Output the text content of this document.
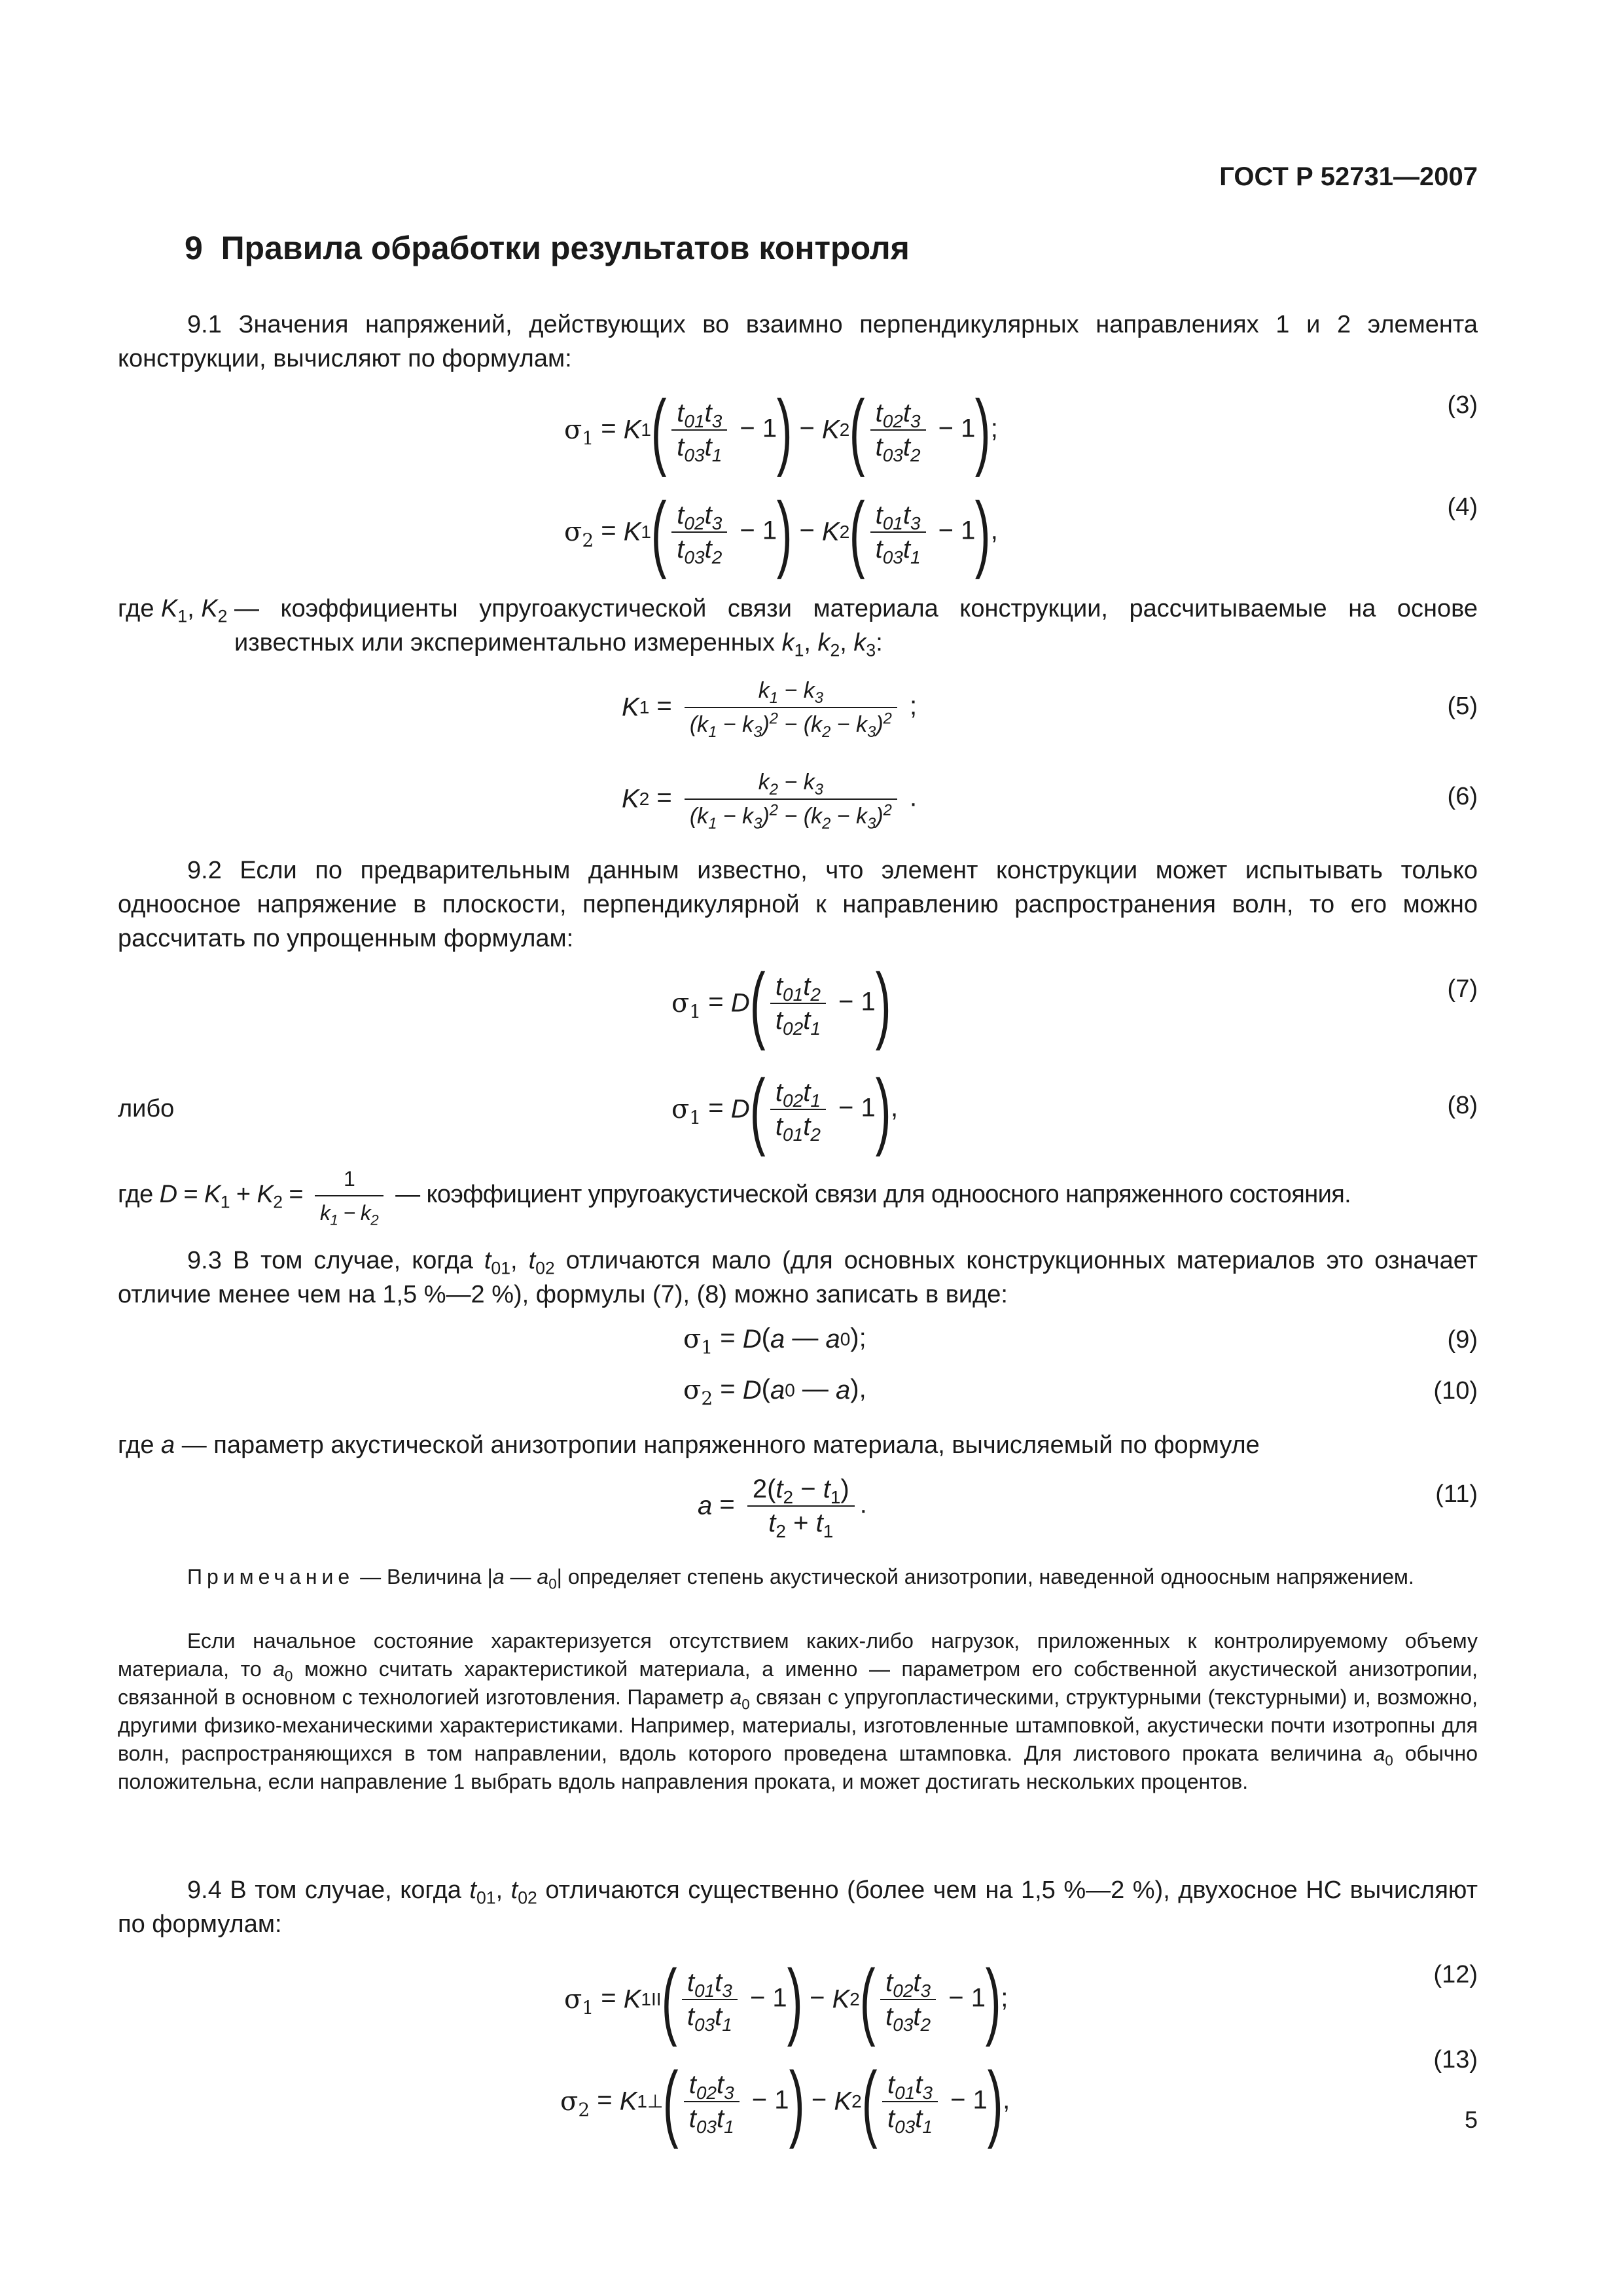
ГОСТ Р 52731—2007
9 Правила обработки результатов контроля
9.1 Значения напряжений, действующих во взаимно перпендикулярных направлениях 1 и 2 элемента конструкции, вычисляют по формулам:
$\sigma_1 = K1( \frac{t_{01}t_3}{t_{03}t_1} - 1) - K2( \frac{t_{02}t_3}{t_{03}t_2} - 1)$;
(3)
$\sigma_2 = K1( \frac{t_{02}t_3}{t_{03}t_2} - 1) - K2( \frac{t_{01}t_3}{t_{03}t_1} - 1)$,
(4)
где $K_1$, $K_2$ — коэффициенты упругоакустической связи материала конструкции, рассчитываемые на основе известных или экспериментально измеренных $k_1$, $k_2$, $k_3$:
$K1 = \frac{k_1 - k_3}{(k_1 - k_3)^2 - (k_2 - k_3)^2}$ ;	(5)
$K2 = \frac{k_2 - k_3}{(k_1 - k_3)^2 - (k_2 - k_3)^2}$ .	(6)
9.2 Если по предварительным данным известно, что элемент конструкции может испытывать только одноосное напряжение в плоскости, перпендикулярной к направлению распространения волн, то его можно рассчитать по упрощенным формулам:
$\sigma_1 = D( \frac{t_{01}t_2}{t_{02}t_1} - 1)$	(7)
либо	$\sigma_1 = D( \frac{t_{02}t_1}{t_{01}t_2} - 1)$,	(8)
где $D = K_1 + K_2 = \frac{1}{k_1 - k_2}$ — коэффициент упругоакустической связи для одноосного напряженного состояния.
9.3 В том случае, когда $t_{01}$, $t_{02}$ отличаются мало (для основных конструкционных материалов это означает отличие менее чем на 1,5 %—2 %), формулы (7), (8) можно записать в виде:
$\sigma_1 = D(a$ — a0);	(9)
$\sigma_2 = D(a0$ — a),	(10)
где a — параметр акустической анизотропии напряженного материала, вычисляемый по формуле
$a = \frac{2(t_2 - t_1)}{t_2 + t_1}$ .	(11)
Примечание — Величина |a — $a_0|$ определяет степень акустической анизотропии, наведенной одноосным напряжением.
Если начальное состояние характеризуется отсутствием каких-либо нагрузок, приложенных к контролируемому объему материала, то $a_0$ можно считать характеристикой материала, а именно — параметром его собственной акустической анизотропии, связанной в основном с технологией изготовления. Параметр $a_0$ связан с упругопластическими, структурными (текстурными) и, возможно, другими физико-механическими характеристиками. Например, материалы, изготовленные штамповкой, акустически почти изотропны для волн, распространяющихся в том направлении, вдоль которого проведена штамповка. Для листового проката величина $a_0$ обычно положительна, если направление 1 выбрать вдоль направления проката, и может достигать нескольких процентов.
9.4 В том случае, когда $t_{01}$, $t_{02}$ отличаются существенно (более чем на 1,5 %—2 %), двухосное НС вычисляют по формулам:
$\sigma_1 = K1II( \frac{t_{01}t_3}{t_{03}t_1} - 1) - K2( \frac{t_{02}t_3}{t_{03}t_2} - 1)$;
(12)
$\sigma_2$ = K1⊥( $\frac{t_{02}t_3}{t_{03}t_1} - 1) - K2( \frac{t_{01}t_3}{t_{03}t_1} - 1)$,
(13)
5
